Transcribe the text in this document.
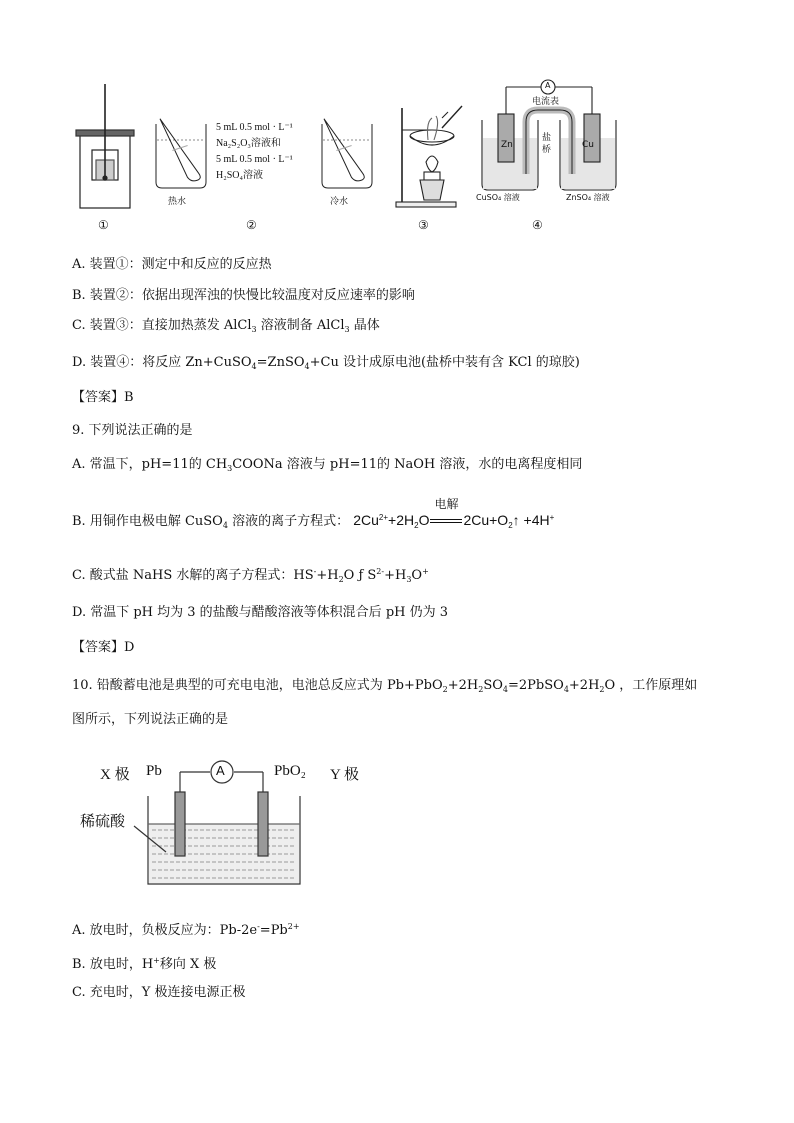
热水	冷水
5 mL 0.5 mol · L⁻¹
Na₂S₂O₃溶液和
5 mL 0.5 mol · L⁻¹
H₂SO₄溶液
A
电流表
盐
桥
Zn	Cu
CuSO₄ 溶液	ZnSO₄ 溶液
①	②	③	④
A. 装置①：测定中和反应的反应热
B. 装置②：依据出现浑浊的快慢比较温度对反应速率的影响
C. 装置③：直接加热蒸发 AlCl$_3$ 溶液制备 AlCl$_3$ 晶体
D. 装置④：将反应 Zn+CuSO$_4$=ZnSO$_4$+Cu 设计成原电池(盐桥中装有含 KCl 的琼胶)
【答案】B
9. 下列说法正确的是
A. 常温下，pH=11的 $CH_3COONa$ 溶液与 pH=11的 NaOH 溶液，水的电离程度相同
B. 用铜作电极电解 CuSO$_4$ 溶液的离子方程式： $2Cu^{2+}+2H_2O$
电解
$2Cu+O_2↑ +4H^+$
C. 酸式盐 NaHS 水解的离子方程式：$HS^-+H_2O$ ƒ $S^{2-}+H_3O^+$
D. 常温下 pH 均为 3 的盐酸与醋酸溶液等体积混合后 pH 仍为 3
【答案】D
10. 铅酸蓄电池是典型的可充电电池，电池总反应式为 $Pb+PbO_2+2H_2SO_4=2PbSO_4+2H_2O$ ，工作原理如
图所示，下列说法正确的是
X 极 Pb	A	PbO₂ Y 极
稀硫酸
A. 放电时，负极反应为：$Pb-2e^-=Pb^{2+}$
B. 放电时，H+移向 X 极
C. 充电时，Y 极连接电源正极
